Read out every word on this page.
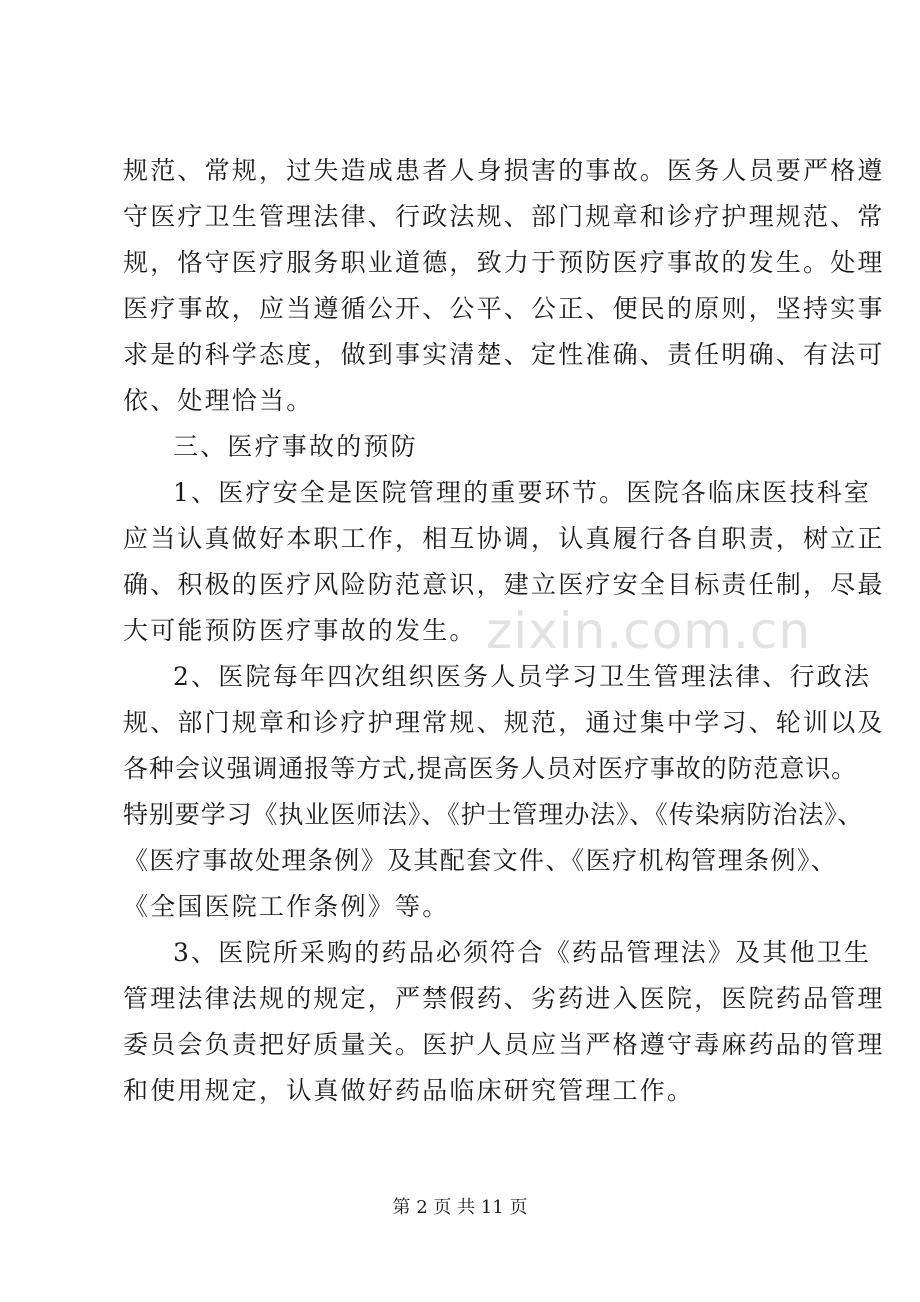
规范、常规，过失造成患者人身损害的事故。医务人员要严格遵
守医疗卫生管理法律、行政法规、部门规章和诊疗护理规范、常
规，恪守医疗服务职业道德，致力于预防医疗事故的发生。处理
医疗事故，应当遵循公开、公平、公正、便民的原则，坚持实事
求是的科学态度，做到事实清楚、定性准确、责任明确、有法可
依、处理恰当。
三、医疗事故的预防
1、医疗安全是医院管理的重要环节。医院各临床医技科室
应当认真做好本职工作，相互协调，认真履行各自职责，树立正
确、积极的医疗风险防范意识，建立医疗安全目标责任制，尽最
大可能预防医疗事故的发生。
2、医院每年四次组织医务人员学习卫生管理法律、行政法
规、部门规章和诊疗护理常规、规范，通过集中学习、轮训以及
各种会议强调通报等方式,提高医务人员对医疗事故的防范意识。
特别要学习《执业医师法》、《护士管理办法》、《传染病防治法》、
《医疗事故处理条例》及其配套文件、《医疗机构管理条例》、
《全国医院工作条例》等。
3、医院所采购的药品必须符合《药品管理法》及其他卫生
管理法律法规的规定，严禁假药、劣药进入医院，医院药品管理
委员会负责把好质量关。医护人员应当严格遵守毒麻药品的管理
和使用规定，认真做好药品临床研究管理工作。
zixin.com.cn
第 2 页 共 11 页
